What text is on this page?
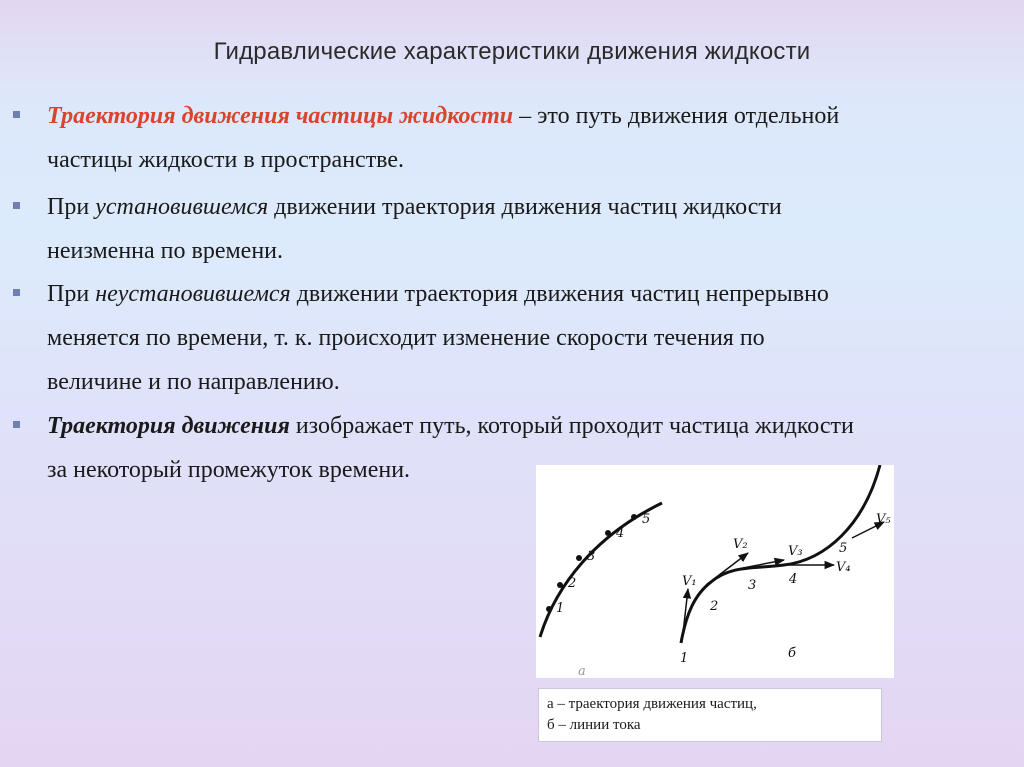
Гидравлические характеристики движения жидкости
Траектория движения частицы жидкости – это путь движения отдельной
частицы жидкости в пространстве.
При установившемся движении траектория движения частиц жидкости
неизменна по времени.
При неустановившемся движении траектория движения частиц непрерывно
меняется по времени, т. к. происходит изменение скорости течения по
величине и по направлению.
Траектория движения изображает путь, который проходит частица жидкости
за некоторый промежуток времени.
1
2
3
4
5
а
V₁
V₂	V₃
V₄
V₅
1
2
3	4
5
б
а – траектория движения частиц,
б – линии тока
